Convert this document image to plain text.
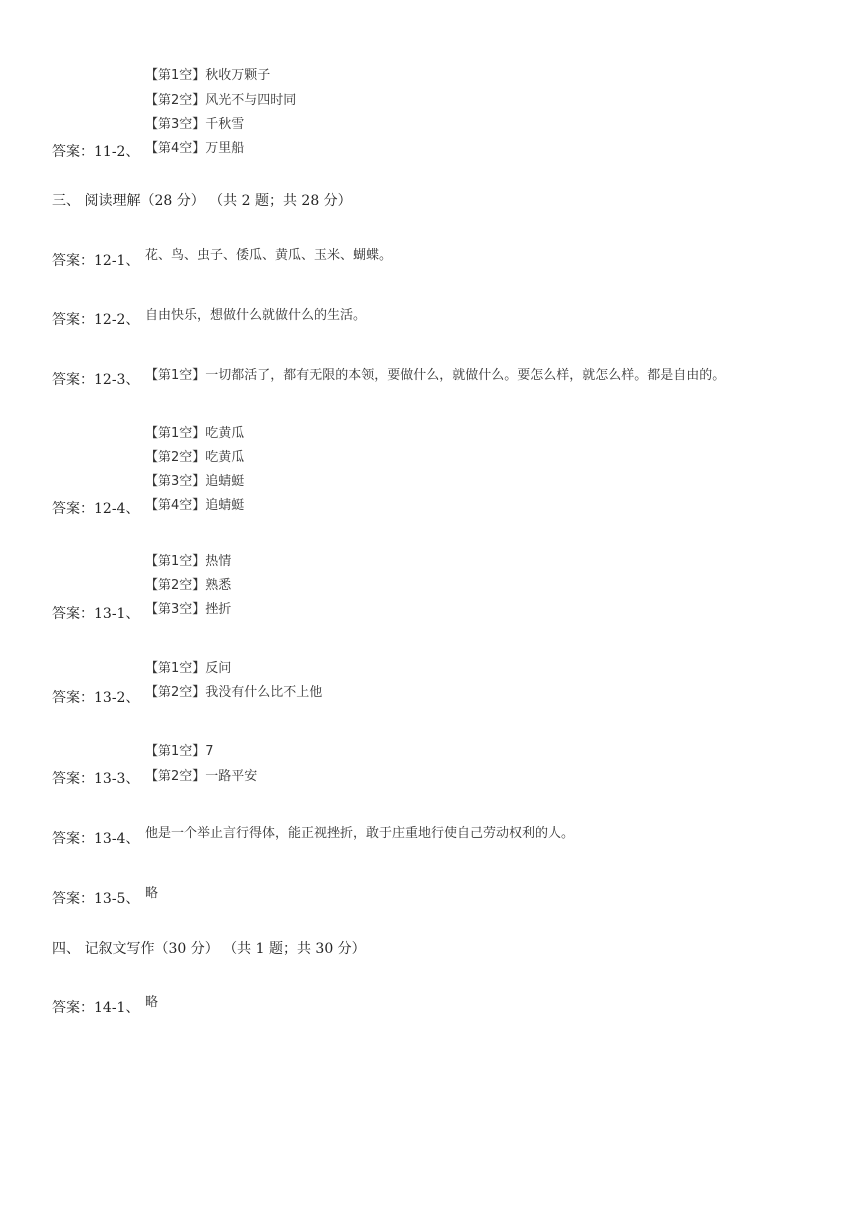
【第1空】秋收万颗子
【第2空】风光不与四时同
【第3空】千秋雪
【第4空】万里船
答案：11-2、
三、 阅读理解（28 分） （共 2 题；共 28 分）
答案：12-1、 花、鸟、虫子、倭瓜、黄瓜、玉米、蝴蝶。
答案：12-2、 自由快乐，想做什么就做什么的生活。
答案：12-3、 【第1空】一切都活了，都有无限的本领，要做什么，就做什么。要怎么样，就怎么样。都是自由的。
【第1空】吃黄瓜
【第2空】吃黄瓜
【第3空】追蜻蜓
【第4空】追蜻蜓
答案：12-4、
【第1空】热情
【第2空】熟悉
【第3空】挫折
答案：13-1、
【第1空】反问
【第2空】我没有什么比不上他
答案：13-2、
【第1空】7
【第2空】一路平安
答案：13-3、
答案：13-4、 他是一个举止言行得体，能正视挫折，敢于庄重地行使自己劳动权利的人。
答案：13-5、 略
四、 记叙文写作（30 分） （共 1 题；共 30 分）
答案：14-1、 略
